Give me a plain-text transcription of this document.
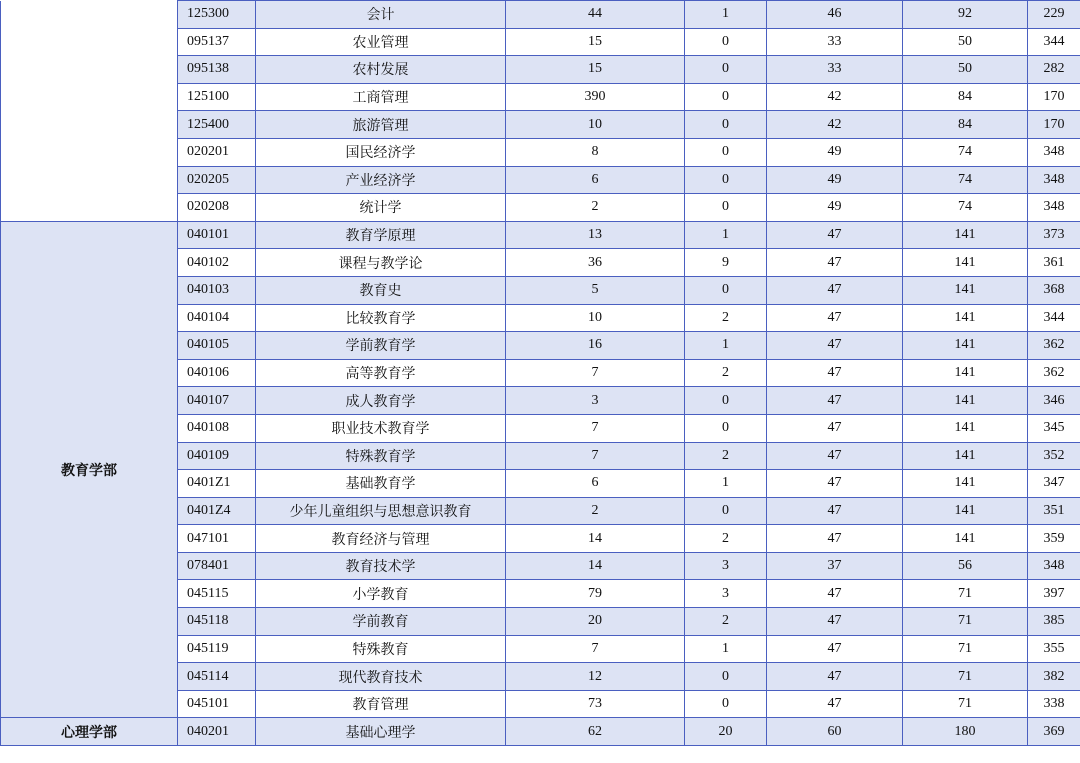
	125300	会计	44	1	46	92	229
	095137	农业管理	15	0	33	50	344
	095138	农村发展	15	0	33	50	282
	125100	工商管理	390	0	42	84	170
	125400	旅游管理	10	0	42	84	170
	020201	国民经济学	8	0	49	74	348
	020205	产业经济学	6	0	49	74	348
	020208	统计学	2	0	49	74	348
教育学部	040101	教育学原理	13	1	47	141	373
	040102	课程与教学论	36	9	47	141	361
	040103	教育史	5	0	47	141	368
	040104	比较教育学	10	2	47	141	344
	040105	学前教育学	16	1	47	141	362
	040106	高等教育学	7	2	47	141	362
	040107	成人教育学	3	0	47	141	346
	040108	职业技术教育学	7	0	47	141	345
	040109	特殊教育学	7	2	47	141	352
	0401Z1	基础教育学	6	1	47	141	347
	0401Z4	少年儿童组织与思想意识教育	2	0	47	141	351
	047101	教育经济与管理	14	2	47	141	359
	078401	教育技术学	14	3	37	56	348
	045115	小学教育	79	3	47	71	397
	045118	学前教育	20	2	47	71	385
	045119	特殊教育	7	1	47	71	355
	045114	现代教育技术	12	0	47	71	382
	045101	教育管理	73	0	47	71	338
心理学部	040201	基础心理学	62	20	60	180	369
